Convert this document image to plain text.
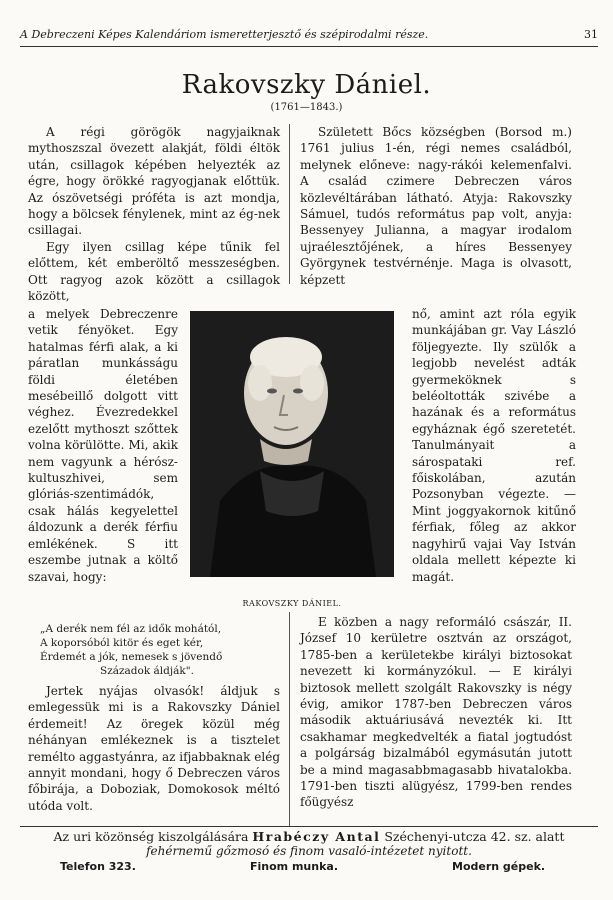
A Debreczeni Képes Kalendáriom ismeretterjesztő és szépirodalmi része.	31
Rakovszky Dániel.
(1761—1843.)

A régi görögök nagyjaiknak mythoszszal övezett alakját, földi éltök után, csillagok képében helyezték az égre, hogy örökké ragyogjanak előttük. Az ószövetségi próféta is azt mondja, hogy a bölcsek fénylenek, mint az ég-nek csillagai.

Egy ilyen csillag képe tűnik fel előttem, két emberöltő messzeségben. Ott ragyog azok között a csillagok között,

Született Bőcs községben (Borsod m.) 1761 julius 1-én, régi nemes családból, melynek előneve: nagy-rákói kelemenfalvi. A család czimere Debreczen város közlevéltárában látható. Atyja: Rakovszky Sámuel, tudós református pap volt, anyja: Bessenyey Julianna, a magyar irodalom ujraélesztőjének, a híres Bessenyey Györgynek testvérnénje. Maga is olvasott, képzett

a melyek Debreczenre vetik fényöket. Egy hatalmas férfi alak, a ki páratlan munkásságu földi életében mesébeillő dolgott vitt véghez. Évezredekkel ezelőtt mythoszt szőttek volna körülötte. Mi, akik nem vagyunk a hérósz-kultuszhivei, sem glóriás-szentimádók, csak hálás kegyelettel áldozunk a derék férfiu emlékének. S itt eszembe jutnak a költő szavai, hogy:

RAKOVSZKY DÁNIEL.

nő, amint azt róla egyik munkájában gr. Vay László följegyezte. Ily szülők a legjobb nevelést adták gyermeköknek s beléoltották szivébe a hazának és a református egyháznak égő szeretetét. Tanulmányait a sárospataki ref. főiskolában, azután Pozsonyban végezte. — Mint joggyakornok kitűnő férfiak, főleg az akkor nagyhirű vajai Vay István oldala mellett képezte ki magát.

„A derék nem fél az idők mohától,

A koporsóból kitör és eget kér,

Érdemét a jók, nemesek s jövendő

Századok áldják".

Jertek nyájas olvasók! áldjuk s emlegessük mi is a Rakovszky Dániel érdemeit! Az öregek közül még néhányan emlékeznek is a tisztelet remélto aggastyánra, az ifjabbaknak elég annyit mondani, hogy ő Debreczen város főbirája, a Doboziak, Domokosok méltó utóda volt.

E közben a nagy reformáló császár, II. József 10 kerületre osztván az országot, 1785-ben a kerületekbe királyi biztosokat nevezett ki kormányzókul. — E királyi biztosok mellett szolgált Rakovszky is négy évig, amikor 1787-ben Debreczen város második aktuáriusává nevezték ki. Itt csakhamar megkedvelték a fiatal jogtudóst a polgárság bizalmából egymásután jutott be a mind magasabbmagasabb hivatalokba. 1791-ben tiszti alügyész, 1799-ben rendes főügyész

Az uri közönség kiszolgálására Hrabéczy Antal Széchenyi-utcza 42. sz. alatt
fehérnemű gőzmosó és finom vasaló-intézetet nyitott.
Telefon 323.	Finom munka.	Modern gépek.
